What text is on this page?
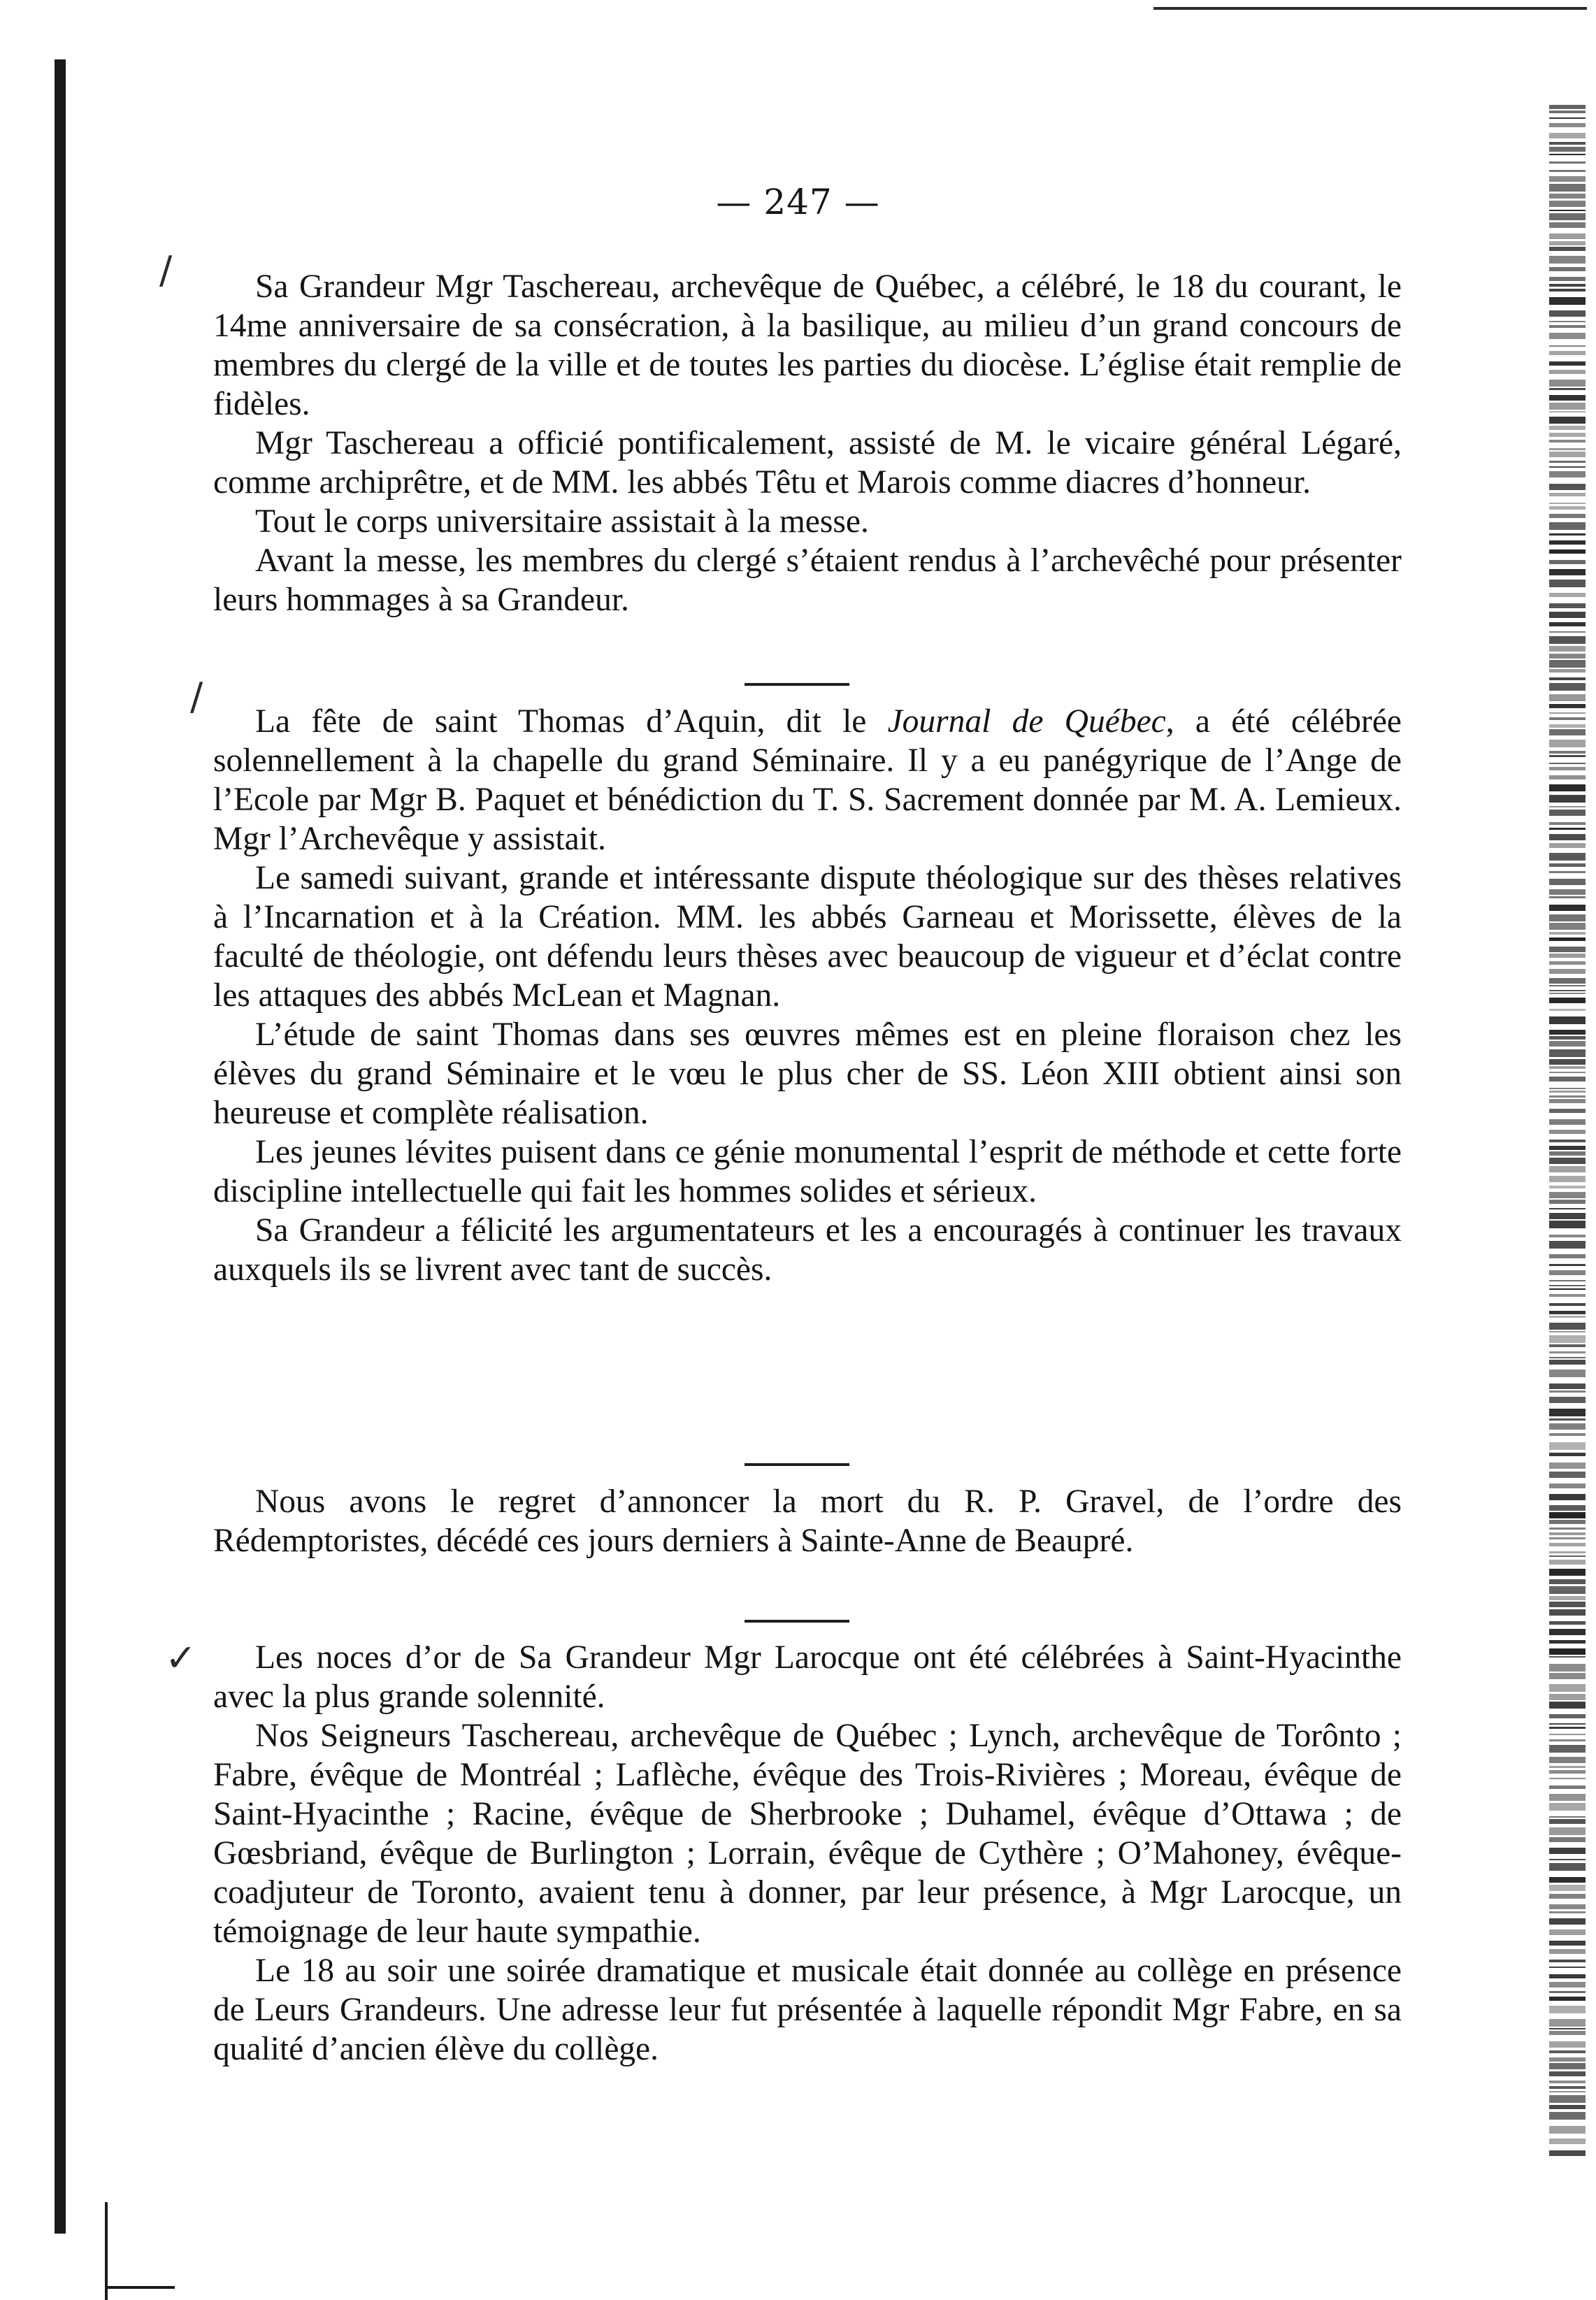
— 247 —
/
/
✓

Sa Grandeur Mgr Taschereau, archevêque de Québec, a célébré, le 18 du courant, le 14me anniversaire de sa consécration, à la basilique, au milieu d’un grand concours de membres du clergé de la ville et de toutes les parties du diocèse. L’église était remplie de fidèles.

Mgr Taschereau a officié pontificalement, assisté de M. le vicaire général Légaré, comme archiprêtre, et de MM. les abbés Têtu et Marois comme diacres d’honneur.

Tout le corps universitaire assistait à la messe.

Avant la messe, les membres du clergé s’étaient rendus à l’archevêché pour présenter leurs hommages à sa Grandeur.

La fête de saint Thomas d’Aquin, dit le Journal de Québec, a été célébrée solennellement à la chapelle du grand Séminaire. Il y a eu panégyrique de l’Ange de l’Ecole par Mgr B. Paquet et bénédiction du T. S. Sacrement donnée par M. A. Lemieux. Mgr l’Archevêque y assistait.

Le samedi suivant, grande et intéressante dispute théologique sur des thèses relatives à l’Incarnation et à la Création. MM. les abbés Garneau et Morissette, élèves de la faculté de théologie, ont défendu leurs thèses avec beaucoup de vigueur et d’éclat contre les attaques des abbés McLean et Magnan.

L’étude de saint Thomas dans ses œuvres mêmes est en pleine floraison chez les élèves du grand Séminaire et le vœu le plus cher de SS. Léon XIII obtient ainsi son heureuse et complète réalisation.

Les jeunes lévites puisent dans ce génie monumental l’esprit de méthode et cette forte discipline intellectuelle qui fait les hommes solides et sérieux.

Sa Grandeur a félicité les argumentateurs et les a encouragés à continuer les travaux auxquels ils se livrent avec tant de succès.

Nous avons le regret d’annoncer la mort du R. P. Gravel, de l’ordre des Rédemptoristes, décédé ces jours derniers à Sainte-Anne de Beaupré.

Les noces d’or de Sa Grandeur Mgr Larocque ont été célébrées à Saint-Hyacinthe avec la plus grande solennité.

Nos Seigneurs Taschereau, archevêque de Québec ; Lynch, archevêque de Torônto ; Fabre, évêque de Montréal ; Laflèche, évêque des Trois-Rivières ; Moreau, évêque de Saint-Hyacinthe ; Racine, évêque de Sherbrooke ; Duhamel, évêque d’Ottawa ; de Gœsbriand, évêque de Burlington ; Lorrain, évêque de Cythère ; O’Mahoney, évêque-coadjuteur de Toronto, avaient tenu à donner, par leur présence, à Mgr Larocque, un témoignage de leur haute sympathie.

Le 18 au soir une soirée dramatique et musicale était donnée au collège en présence de Leurs Grandeurs. Une adresse leur fut présentée à laquelle répondit Mgr Fabre, en sa qualité d’ancien élève du collège.
